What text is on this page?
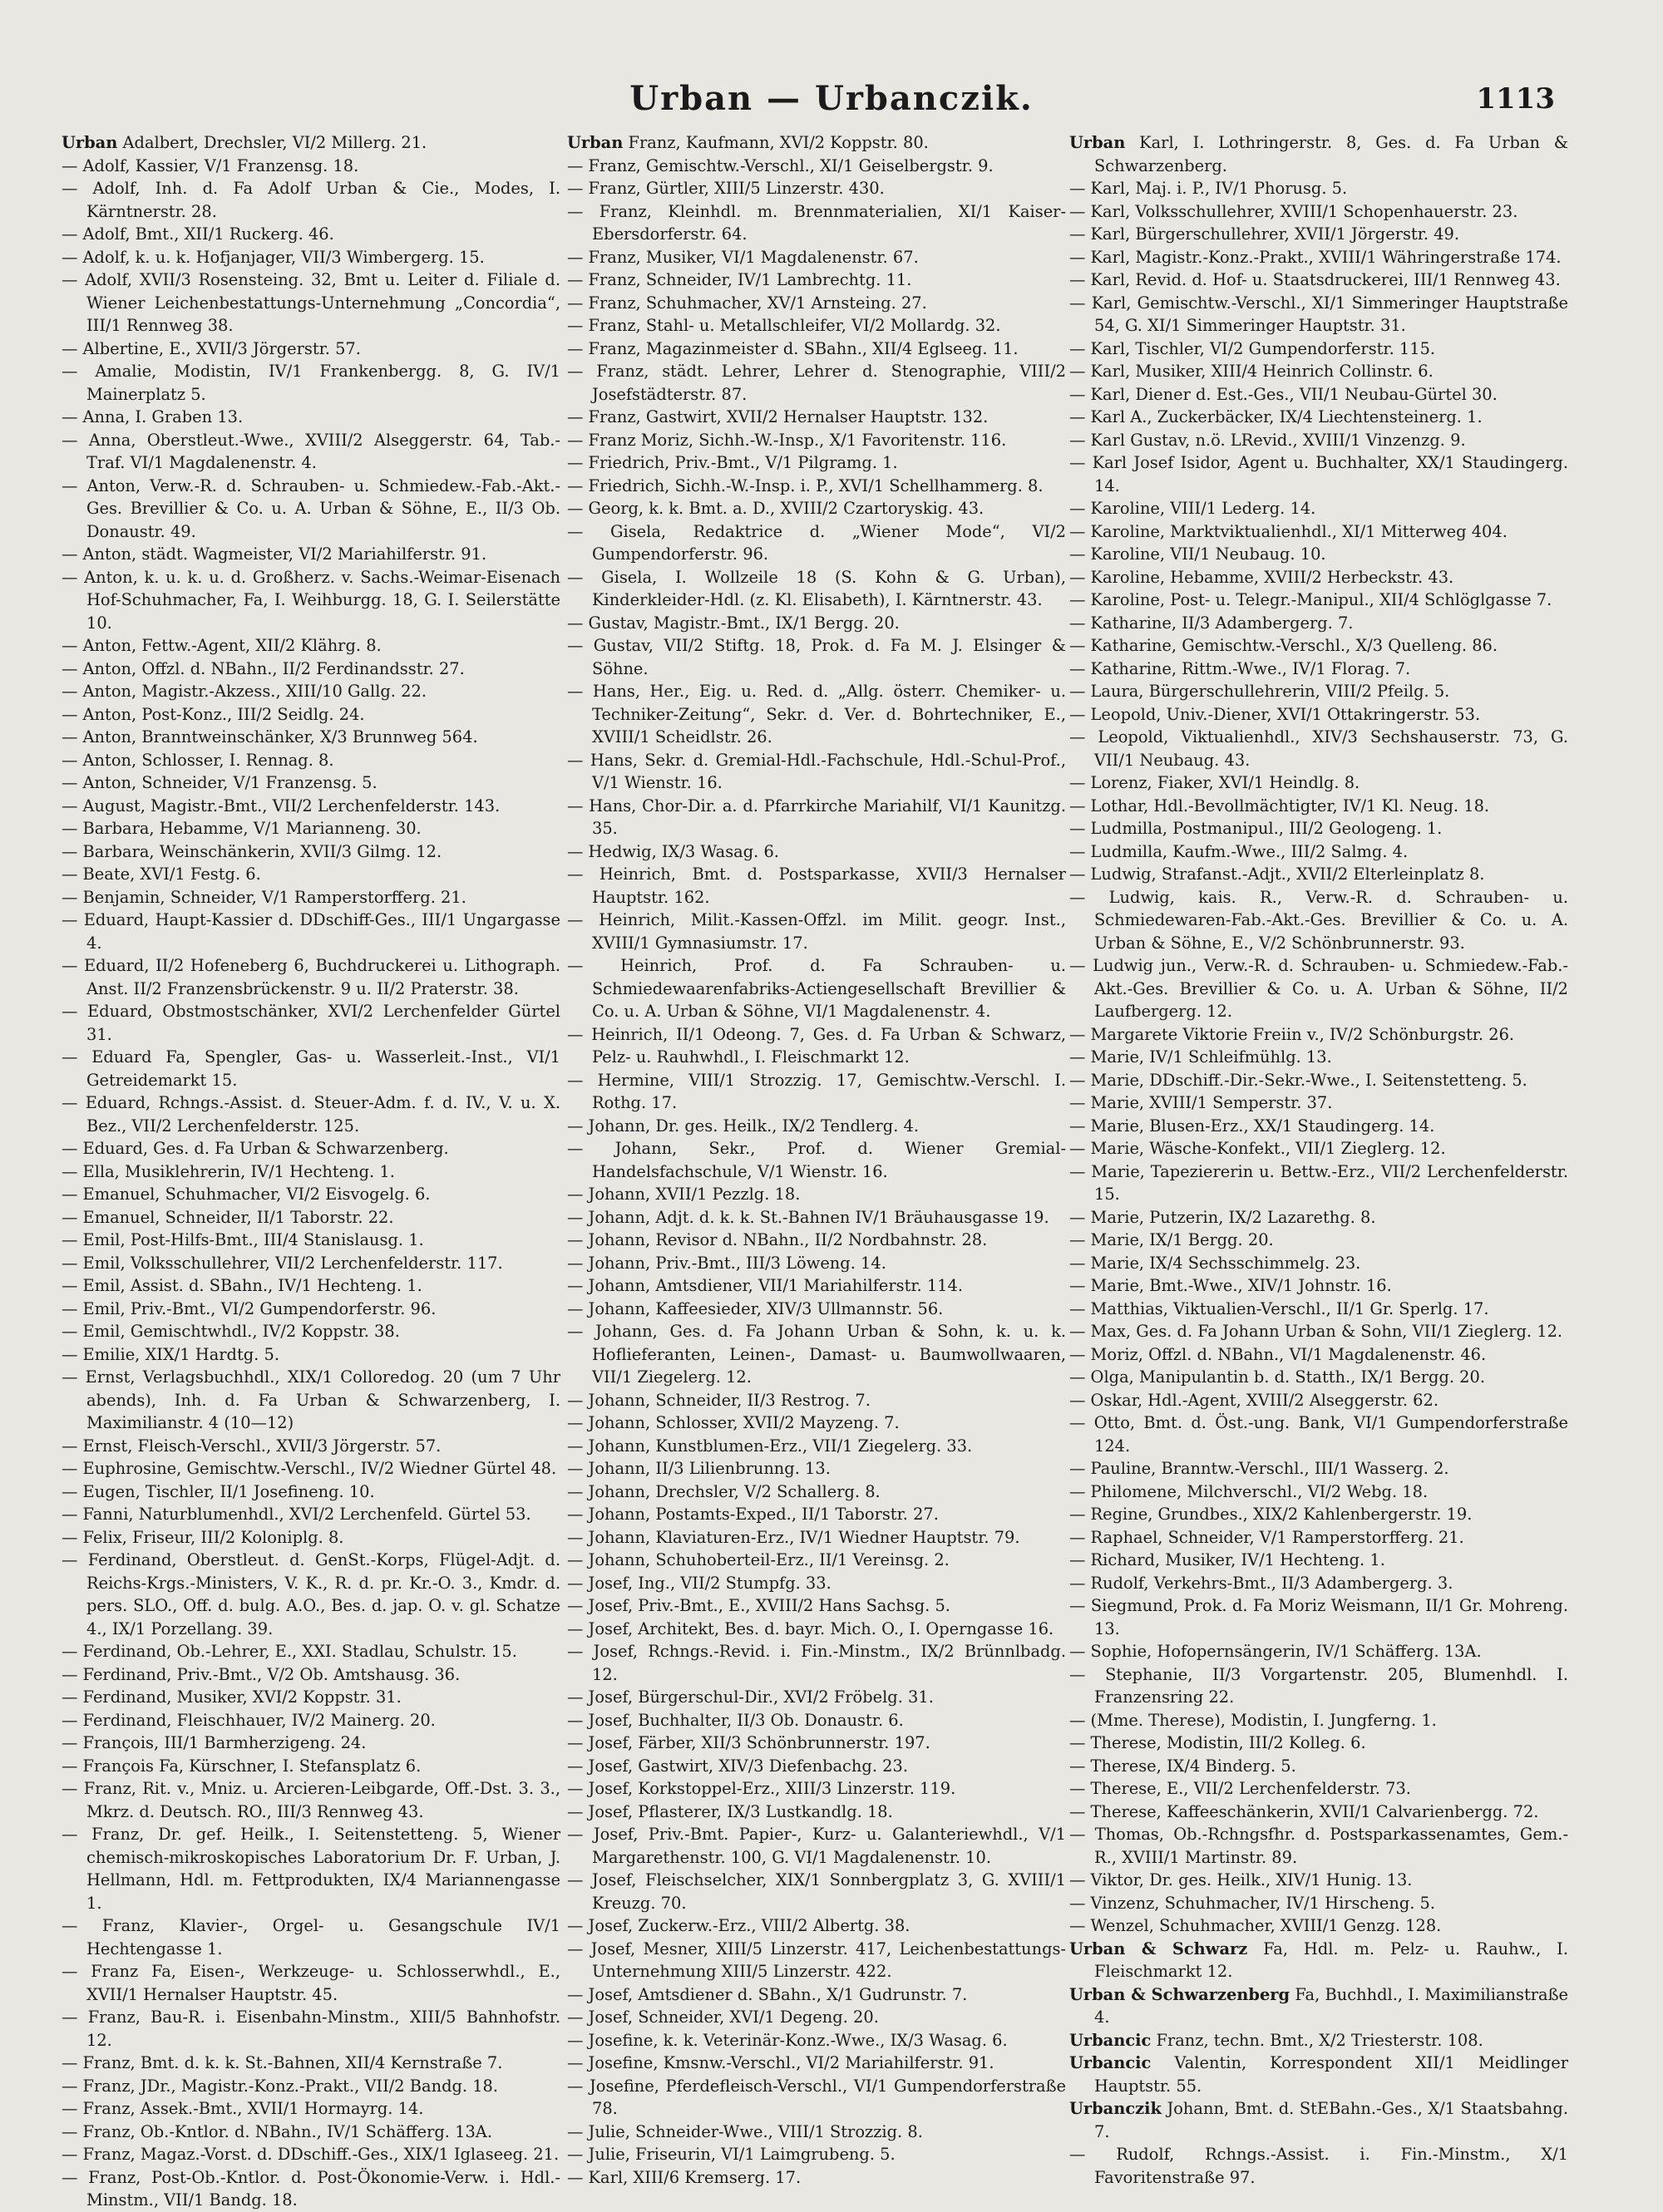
Urban — Urbanczik.	1113

Urban Adalbert, Drechsler, VI/2 Millerg. 21.

— Adolf, Kassier, V/1 Franzensg. 18.

— Adolf, Inh. d. Fa Adolf Urban & Cie., Modes, I. Kärntnerstr. 28.

— Adolf, Bmt., XII/1 Ruckerg. 46.

— Adolf, k. u. k. Hofjanjager, VII/3 Wimbergerg. 15.

— Adolf, XVII/3 Rosensteing. 32, Bmt u. Leiter d. Filiale d. Wiener Leichenbestattungs-Unternehmung „Concordia“, III/1 Rennweg 38.

— Albertine, E., XVII/3 Jörgerstr. 57.

— Amalie, Modistin, IV/1 Frankenbergg. 8, G. IV/1 Mainerplatz 5.

— Anna, I. Graben 13.

— Anna, Oberstleut.-Wwe., XVIII/2 Alseggerstr. 64, Tab.-Traf. VI/1 Magdalenenstr. 4.

— Anton, Verw.-R. d. Schrauben- u. Schmiedew.-Fab.-Akt.-Ges. Brevillier & Co. u. A. Urban & Söhne, E., II/3 Ob. Donaustr. 49.

— Anton, städt. Wagmeister, VI/2 Mariahilferstr. 91.

— Anton, k. u. k. u. d. Großherz. v. Sachs.-Weimar-Eisenach Hof-Schuhmacher, Fa, I. Weihburgg. 18, G. I. Seilerstätte 10.

— Anton, Fettw.-Agent, XII/2 Klährg. 8.

— Anton, Offzl. d. NBahn., II/2 Ferdinandsstr. 27.

— Anton, Magistr.-Akzess., XIII/10 Gallg. 22.

— Anton, Post-Konz., III/2 Seidlg. 24.

— Anton, Branntweinschänker, X/3 Brunnweg 564.

— Anton, Schlosser, I. Rennag. 8.

— Anton, Schneider, V/1 Franzensg. 5.

— August, Magistr.-Bmt., VII/2 Lerchenfelderstr. 143.

— Barbara, Hebamme, V/1 Marianneng. 30.

— Barbara, Weinschänkerin, XVII/3 Gilmg. 12.

— Beate, XVI/1 Festg. 6.

— Benjamin, Schneider, V/1 Ramperstorfferg. 21.

— Eduard, Haupt-Kassier d. DDschiff-Ges., III/1 Ungargasse 4.

— Eduard, II/2 Hofeneberg 6, Buchdruckerei u. Lithograph. Anst. II/2 Franzensbrückenstr. 9 u. II/2 Praterstr. 38.

— Eduard, Obstmostschänker, XVI/2 Lerchenfelder Gürtel 31.

— Eduard Fa, Spengler, Gas- u. Wasserleit.-Inst., VI/1 Getreidemarkt 15.

— Eduard, Rchngs.-Assist. d. Steuer-Adm. f. d. IV., V. u. X. Bez., VII/2 Lerchenfelderstr. 125.

— Eduard, Ges. d. Fa Urban & Schwarzenberg.

— Ella, Musiklehrerin, IV/1 Hechteng. 1.

— Emanuel, Schuhmacher, VI/2 Eisvogelg. 6.

— Emanuel, Schneider, II/1 Taborstr. 22.

— Emil, Post-Hilfs-Bmt., III/4 Stanislausg. 1.

— Emil, Volksschullehrer, VII/2 Lerchenfelderstr. 117.

— Emil, Assist. d. SBahn., IV/1 Hechteng. 1.

— Emil, Priv.-Bmt., VI/2 Gumpendorferstr. 96.

— Emil, Gemischtwhdl., IV/2 Koppstr. 38.

— Emilie, XIX/1 Hardtg. 5.

— Ernst, Verlagsbuchhdl., XIX/1 Colloredog. 20 (um 7 Uhr abends), Inh. d. Fa Urban & Schwarzenberg, I. Maximilianstr. 4 (10—12)

— Ernst, Fleisch-Verschl., XVII/3 Jörgerstr. 57.

— Euphrosine, Gemischtw.-Verschl., IV/2 Wiedner Gürtel 48.

— Eugen, Tischler, II/1 Josefineng. 10.

— Fanni, Naturblumenhdl., XVI/2 Lerchenfeld. Gürtel 53.

— Felix, Friseur, III/2 Koloniplg. 8.

— Ferdinand, Oberstleut. d. GenSt.-Korps, Flügel-Adjt. d. Reichs-Krgs.-Ministers, V. K., R. d. pr. Kr.-O. 3., Kmdr. d. pers. SLO., Off. d. bulg. A.O., Bes. d. jap. O. v. gl. Schatze 4., IX/1 Porzellang. 39.

— Ferdinand, Ob.-Lehrer, E., XXI. Stadlau, Schulstr. 15.

— Ferdinand, Priv.-Bmt., V/2 Ob. Amtshausg. 36.

— Ferdinand, Musiker, XVI/2 Koppstr. 31.

— Ferdinand, Fleischhauer, IV/2 Mainerg. 20.

— François, III/1 Barmherzigeng. 24.

— François Fa, Kürschner, I. Stefansplatz 6.

— Franz, Rit. v., Mniz. u. Arcieren-Leibgarde, Off.-Dst. 3. 3., Mkrz. d. Deutsch. RO., III/3 Rennweg 43.

— Franz, Dr. gef. Heilk., I. Seitenstetteng. 5, Wiener chemisch-mikroskopisches Laboratorium Dr. F. Urban, J. Hellmann, Hdl. m. Fettprodukten, IX/4 Mariannengasse 1.

— Franz, Klavier-, Orgel- u. Gesangschule IV/1 Hechtengasse 1.

— Franz Fa, Eisen-, Werkzeuge- u. Schlosserwhdl., E., XVII/1 Hernalser Hauptstr. 45.

— Franz, Bau-R. i. Eisenbahn-Minstm., XIII/5 Bahnhofstr. 12.

— Franz, Bmt. d. k. k. St.-Bahnen, XII/4 Kernstraße 7.

— Franz, JDr., Magistr.-Konz.-Prakt., VII/2 Bandg. 18.

— Franz, Assek.-Bmt., XVII/1 Hormayrg. 14.

— Franz, Ob.-Kntlor. d. NBahn., IV/1 Schäfferg. 13A.

— Franz, Magaz.-Vorst. d. DDschiff.-Ges., XIX/1 Iglaseeg. 21.

— Franz, Post-Ob.-Kntlor. d. Post-Ökonomie-Verw. i. Hdl.-Minstm., VII/1 Bandg. 18.

Urban Franz, Kaufmann, XVI/2 Koppstr. 80.

— Franz, Gemischtw.-Verschl., XI/1 Geiselbergstr. 9.

— Franz, Gürtler, XIII/5 Linzerstr. 430.

— Franz, Kleinhdl. m. Brennmaterialien, XI/1 Kaiser-Ebersdorferstr. 64.

— Franz, Musiker, VI/1 Magdalenenstr. 67.

— Franz, Schneider, IV/1 Lambrechtg. 11.

— Franz, Schuhmacher, XV/1 Arnsteing. 27.

— Franz, Stahl- u. Metallschleifer, VI/2 Mollardg. 32.

— Franz, Magazinmeister d. SBahn., XII/4 Eglseeg. 11.

— Franz, städt. Lehrer, Lehrer d. Stenographie, VIII/2 Josefstädterstr. 87.

— Franz, Gastwirt, XVII/2 Hernalser Hauptstr. 132.

— Franz Moriz, Sichh.-W.-Insp., X/1 Favoritenstr. 116.

— Friedrich, Priv.-Bmt., V/1 Pilgramg. 1.

— Friedrich, Sichh.-W.-Insp. i. P., XVI/1 Schellhammerg. 8.

— Georg, k. k. Bmt. a. D., XVIII/2 Czartoryskig. 43.

— Gisela, Redaktrice d. „Wiener Mode“, VI/2 Gumpendorferstr. 96.

— Gisela, I. Wollzeile 18 (S. Kohn & G. Urban), Kinderkleider-Hdl. (z. Kl. Elisabeth), I. Kärntnerstr. 43.

— Gustav, Magistr.-Bmt., IX/1 Bergg. 20.

— Gustav, VII/2 Stiftg. 18, Prok. d. Fa M. J. Elsinger & Söhne.

— Hans, Her., Eig. u. Red. d. „Allg. österr. Chemiker- u. Techniker-Zeitung“, Sekr. d. Ver. d. Bohrtechniker, E., XVIII/1 Scheidlstr. 26.

— Hans, Sekr. d. Gremial-Hdl.-Fachschule, Hdl.-Schul-Prof., V/1 Wienstr. 16.

— Hans, Chor-Dir. a. d. Pfarrkirche Mariahilf, VI/1 Kaunitzg. 35.

— Hedwig, IX/3 Wasag. 6.

— Heinrich, Bmt. d. Postsparkasse, XVII/3 Hernalser Hauptstr. 162.

— Heinrich, Milit.-Kassen-Offzl. im Milit. geogr. Inst., XVIII/1 Gymnasiumstr. 17.

— Heinrich, Prof. d. Fa Schrauben- u. Schmiedewaarenfabriks-Actiengesellschaft Brevillier & Co. u. A. Urban & Söhne, VI/1 Magdalenenstr. 4.

— Heinrich, II/1 Odeong. 7, Ges. d. Fa Urban & Schwarz, Pelz- u. Rauhwhdl., I. Fleischmarkt 12.

— Hermine, VIII/1 Strozzig. 17, Gemischtw.-Verschl. I. Rothg. 17.

— Johann, Dr. ges. Heilk., IX/2 Tendlerg. 4.

— Johann, Sekr., Prof. d. Wiener Gremial-Handelsfachschule, V/1 Wienstr. 16.

— Johann, XVII/1 Pezzlg. 18.

— Johann, Adjt. d. k. k. St.-Bahnen IV/1 Bräuhausgasse 19.

— Johann, Revisor d. NBahn., II/2 Nordbahnstr. 28.

— Johann, Priv.-Bmt., III/3 Löweng. 14.

— Johann, Amtsdiener, VII/1 Mariahilferstr. 114.

— Johann, Kaffeesieder, XIV/3 Ullmannstr. 56.

— Johann, Ges. d. Fa Johann Urban & Sohn, k. u. k. Hoflieferanten, Leinen-, Damast- u. Baumwollwaaren, VII/1 Ziegelerg. 12.

— Johann, Schneider, II/3 Restrog. 7.

— Johann, Schlosser, XVII/2 Mayzeng. 7.

— Johann, Kunstblumen-Erz., VII/1 Ziegelerg. 33.

— Johann, II/3 Lilienbrunng. 13.

— Johann, Drechsler, V/2 Schallerg. 8.

— Johann, Postamts-Exped., II/1 Taborstr. 27.

— Johann, Klaviaturen-Erz., IV/1 Wiedner Hauptstr. 79.

— Johann, Schuhoberteil-Erz., II/1 Vereinsg. 2.

— Josef, Ing., VII/2 Stumpfg. 33.

— Josef, Priv.-Bmt., E., XVIII/2 Hans Sachsg. 5.

— Josef, Architekt, Bes. d. bayr. Mich. O., I. Operngasse 16.

— Josef, Rchngs.-Revid. i. Fin.-Minstm., IX/2 Brünnlbadg. 12.

— Josef, Bürgerschul-Dir., XVI/2 Fröbelg. 31.

— Josef, Buchhalter, II/3 Ob. Donaustr. 6.

— Josef, Färber, XII/3 Schönbrunnerstr. 197.

— Josef, Gastwirt, XIV/3 Diefenbachg. 23.

— Josef, Korkstoppel-Erz., XIII/3 Linzerstr. 119.

— Josef, Pflasterer, IX/3 Lustkandlg. 18.

— Josef, Priv.-Bmt. Papier-, Kurz- u. Galanteriewhdl., V/1 Margarethenstr. 100, G. VI/1 Magdalenenstr. 10.

— Josef, Fleischselcher, XIX/1 Sonnbergplatz 3, G. XVIII/1 Kreuzg. 70.

— Josef, Zuckerw.-Erz., VIII/2 Albertg. 38.

— Josef, Mesner, XIII/5 Linzerstr. 417, Leichenbestattungs-Unternehmung XIII/5 Linzerstr. 422.

— Josef, Amtsdiener d. SBahn., X/1 Gudrunstr. 7.

— Josef, Schneider, XVI/1 Degeng. 20.

— Josefine, k. k. Veterinär-Konz.-Wwe., IX/3 Wasag. 6.

— Josefine, Kmsnw.-Verschl., VI/2 Mariahilferstr. 91.

— Josefine, Pferdefleisch-Verschl., VI/1 Gumpendorferstraße 78.

— Julie, Schneider-Wwe., VIII/1 Strozzig. 8.

— Julie, Friseurin, VI/1 Laimgrubeng. 5.

— Karl, XIII/6 Kremserg. 17.

Urban Karl, I. Lothringerstr. 8, Ges. d. Fa Urban & Schwarzenberg.

— Karl, Maj. i. P., IV/1 Phorusg. 5.

— Karl, Volksschullehrer, XVIII/1 Schopenhauerstr. 23.

— Karl, Bürgerschullehrer, XVII/1 Jörgerstr. 49.

— Karl, Magistr.-Konz.-Prakt., XVIII/1 Währingerstraße 174.

— Karl, Revid. d. Hof- u. Staatsdruckerei, III/1 Rennweg 43.

— Karl, Gemischtw.-Verschl., XI/1 Simmeringer Hauptstraße 54, G. XI/1 Simmeringer Hauptstr. 31.

— Karl, Tischler, VI/2 Gumpendorferstr. 115.

— Karl, Musiker, XIII/4 Heinrich Collinstr. 6.

— Karl, Diener d. Est.-Ges., VII/1 Neubau-Gürtel 30.

— Karl A., Zuckerbäcker, IX/4 Liechtensteinerg. 1.

— Karl Gustav, n.ö. LRevid., XVIII/1 Vinzenzg. 9.

— Karl Josef Isidor, Agent u. Buchhalter, XX/1 Staudingerg. 14.

— Karoline, VIII/1 Lederg. 14.

— Karoline, Marktviktualienhdl., XI/1 Mitterweg 404.

— Karoline, VII/1 Neubaug. 10.

— Karoline, Hebamme, XVIII/2 Herbeckstr. 43.

— Karoline, Post- u. Telegr.-Manipul., XII/4 Schlöglgasse 7.

— Katharine, II/3 Adambergerg. 7.

— Katharine, Gemischtw.-Verschl., X/3 Quelleng. 86.

— Katharine, Rittm.-Wwe., IV/1 Florag. 7.

— Laura, Bürgerschullehrerin, VIII/2 Pfeilg. 5.

— Leopold, Univ.-Diener, XVI/1 Ottakringerstr. 53.

— Leopold, Viktualienhdl., XIV/3 Sechshauserstr. 73, G. VII/1 Neubaug. 43.

— Lorenz, Fiaker, XVI/1 Heindlg. 8.

— Lothar, Hdl.-Bevollmächtigter, IV/1 Kl. Neug. 18.

— Ludmilla, Postmanipul., III/2 Geologeng. 1.

— Ludmilla, Kaufm.-Wwe., III/2 Salmg. 4.

— Ludwig, Strafanst.-Adjt., XVII/2 Elterleinplatz 8.

— Ludwig, kais. R., Verw.-R. d. Schrauben- u. Schmiedewaren-Fab.-Akt.-Ges. Brevillier & Co. u. A. Urban & Söhne, E., V/2 Schönbrunnerstr. 93.

— Ludwig jun., Verw.-R. d. Schrauben- u. Schmiedew.-Fab.-Akt.-Ges. Brevillier & Co. u. A. Urban & Söhne, II/2 Laufbergerg. 12.

— Margarete Viktorie Freiin v., IV/2 Schönburgstr. 26.

— Marie, IV/1 Schleifmühlg. 13.

— Marie, DDschiff.-Dir.-Sekr.-Wwe., I. Seitenstetteng. 5.

— Marie, XVIII/1 Semperstr. 37.

— Marie, Blusen-Erz., XX/1 Staudingerg. 14.

— Marie, Wäsche-Konfekt., VII/1 Zieglerg. 12.

— Marie, Tapeziererin u. Bettw.-Erz., VII/2 Lerchenfelderstr. 15.

— Marie, Putzerin, IX/2 Lazarethg. 8.

— Marie, IX/1 Bergg. 20.

— Marie, IX/4 Sechsschimmelg. 23.

— Marie, Bmt.-Wwe., XIV/1 Johnstr. 16.

— Matthias, Viktualien-Verschl., II/1 Gr. Sperlg. 17.

— Max, Ges. d. Fa Johann Urban & Sohn, VII/1 Zieglerg. 12.

— Moriz, Offzl. d. NBahn., VI/1 Magdalenenstr. 46.

— Olga, Manipulantin b. d. Statth., IX/1 Bergg. 20.

— Oskar, Hdl.-Agent, XVIII/2 Alseggerstr. 62.

— Otto, Bmt. d. Öst.-ung. Bank, VI/1 Gumpendorferstraße 124.

— Pauline, Branntw.-Verschl., III/1 Wasserg. 2.

— Philomene, Milchverschl., VI/2 Webg. 18.

— Regine, Grundbes., XIX/2 Kahlenbergerstr. 19.

— Raphael, Schneider, V/1 Ramperstorfferg. 21.

— Richard, Musiker, IV/1 Hechteng. 1.

— Rudolf, Verkehrs-Bmt., II/3 Adambergerg. 3.

— Siegmund, Prok. d. Fa Moriz Weismann, II/1 Gr. Mohreng. 13.

— Sophie, Hofopernsängerin, IV/1 Schäfferg. 13A.

— Stephanie, II/3 Vorgartenstr. 205, Blumenhdl. I. Franzensring 22.

— (Mme. Therese), Modistin, I. Jungferng. 1.

— Therese, Modistin, III/2 Kolleg. 6.

— Therese, IX/4 Binderg. 5.

— Therese, E., VII/2 Lerchenfelderstr. 73.

— Therese, Kaffeeschänkerin, XVII/1 Calvarienbergg. 72.

— Thomas, Ob.-Rchngsfhr. d. Postsparkassenamtes, Gem.-R., XVIII/1 Martinstr. 89.

— Viktor, Dr. ges. Heilk., XIV/1 Hunig. 13.

— Vinzenz, Schuhmacher, IV/1 Hirscheng. 5.

— Wenzel, Schuhmacher, XVIII/1 Genzg. 128.

Urban & Schwarz Fa, Hdl. m. Pelz- u. Rauhw., I. Fleischmarkt 12.

Urban & Schwarzenberg Fa, Buchhdl., I. Maximilianstraße 4.

Urbancic Franz, techn. Bmt., X/2 Triesterstr. 108.

Urbancic Valentin, Korrespondent XII/1 Meidlinger Hauptstr. 55.

Urbanczik Johann, Bmt. d. StEBahn.-Ges., X/1 Staatsbahng. 7.

— Rudolf, Rchngs.-Assist. i. Fin.-Minstm., X/1 Favoritenstraße 97.
